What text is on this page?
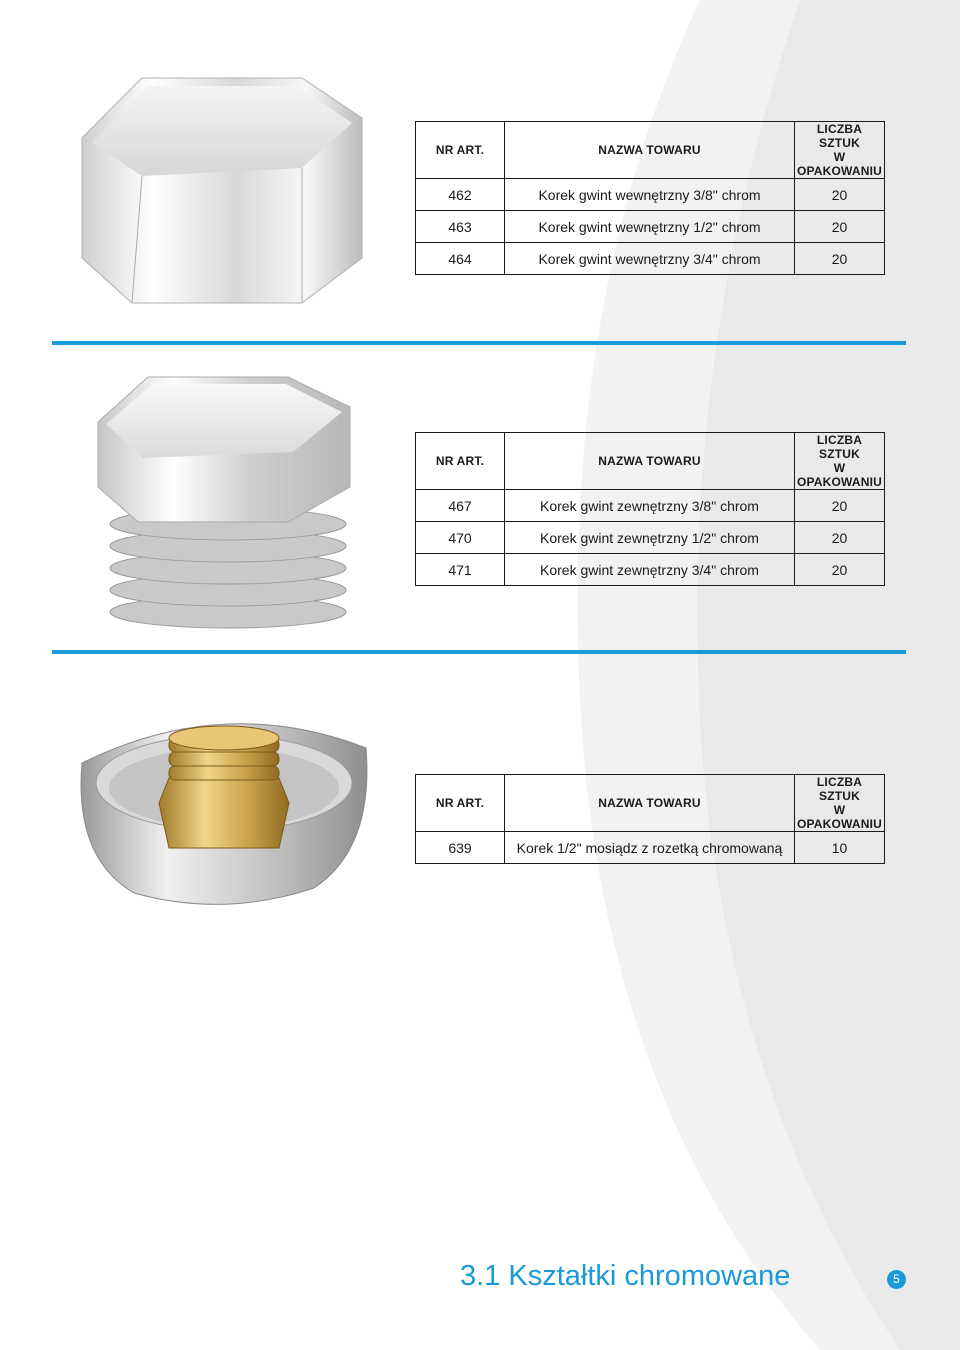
NR ART.	NAZWA TOWARU	LICZBA SZTUK
W OPAKOWANIU
462	Korek gwint wewnętrzny 3/8" chrom	20
463	Korek gwint wewnętrzny 1/2" chrom	20
464	Korek gwint wewnętrzny 3/4" chrom	20
NR ART.	NAZWA TOWARU	LICZBA SZTUK
W OPAKOWANIU
467	Korek gwint zewnętrzny 3/8" chrom	20
470	Korek gwint zewnętrzny 1/2" chrom	20
471	Korek gwint zewnętrzny 3/4" chrom	20
NR ART.	NAZWA TOWARU	LICZBA SZTUK
W OPAKOWANIU
639	Korek 1/2" mosiądz z rozetką chromowaną	10
3.1 Kształtki chromowane	5
